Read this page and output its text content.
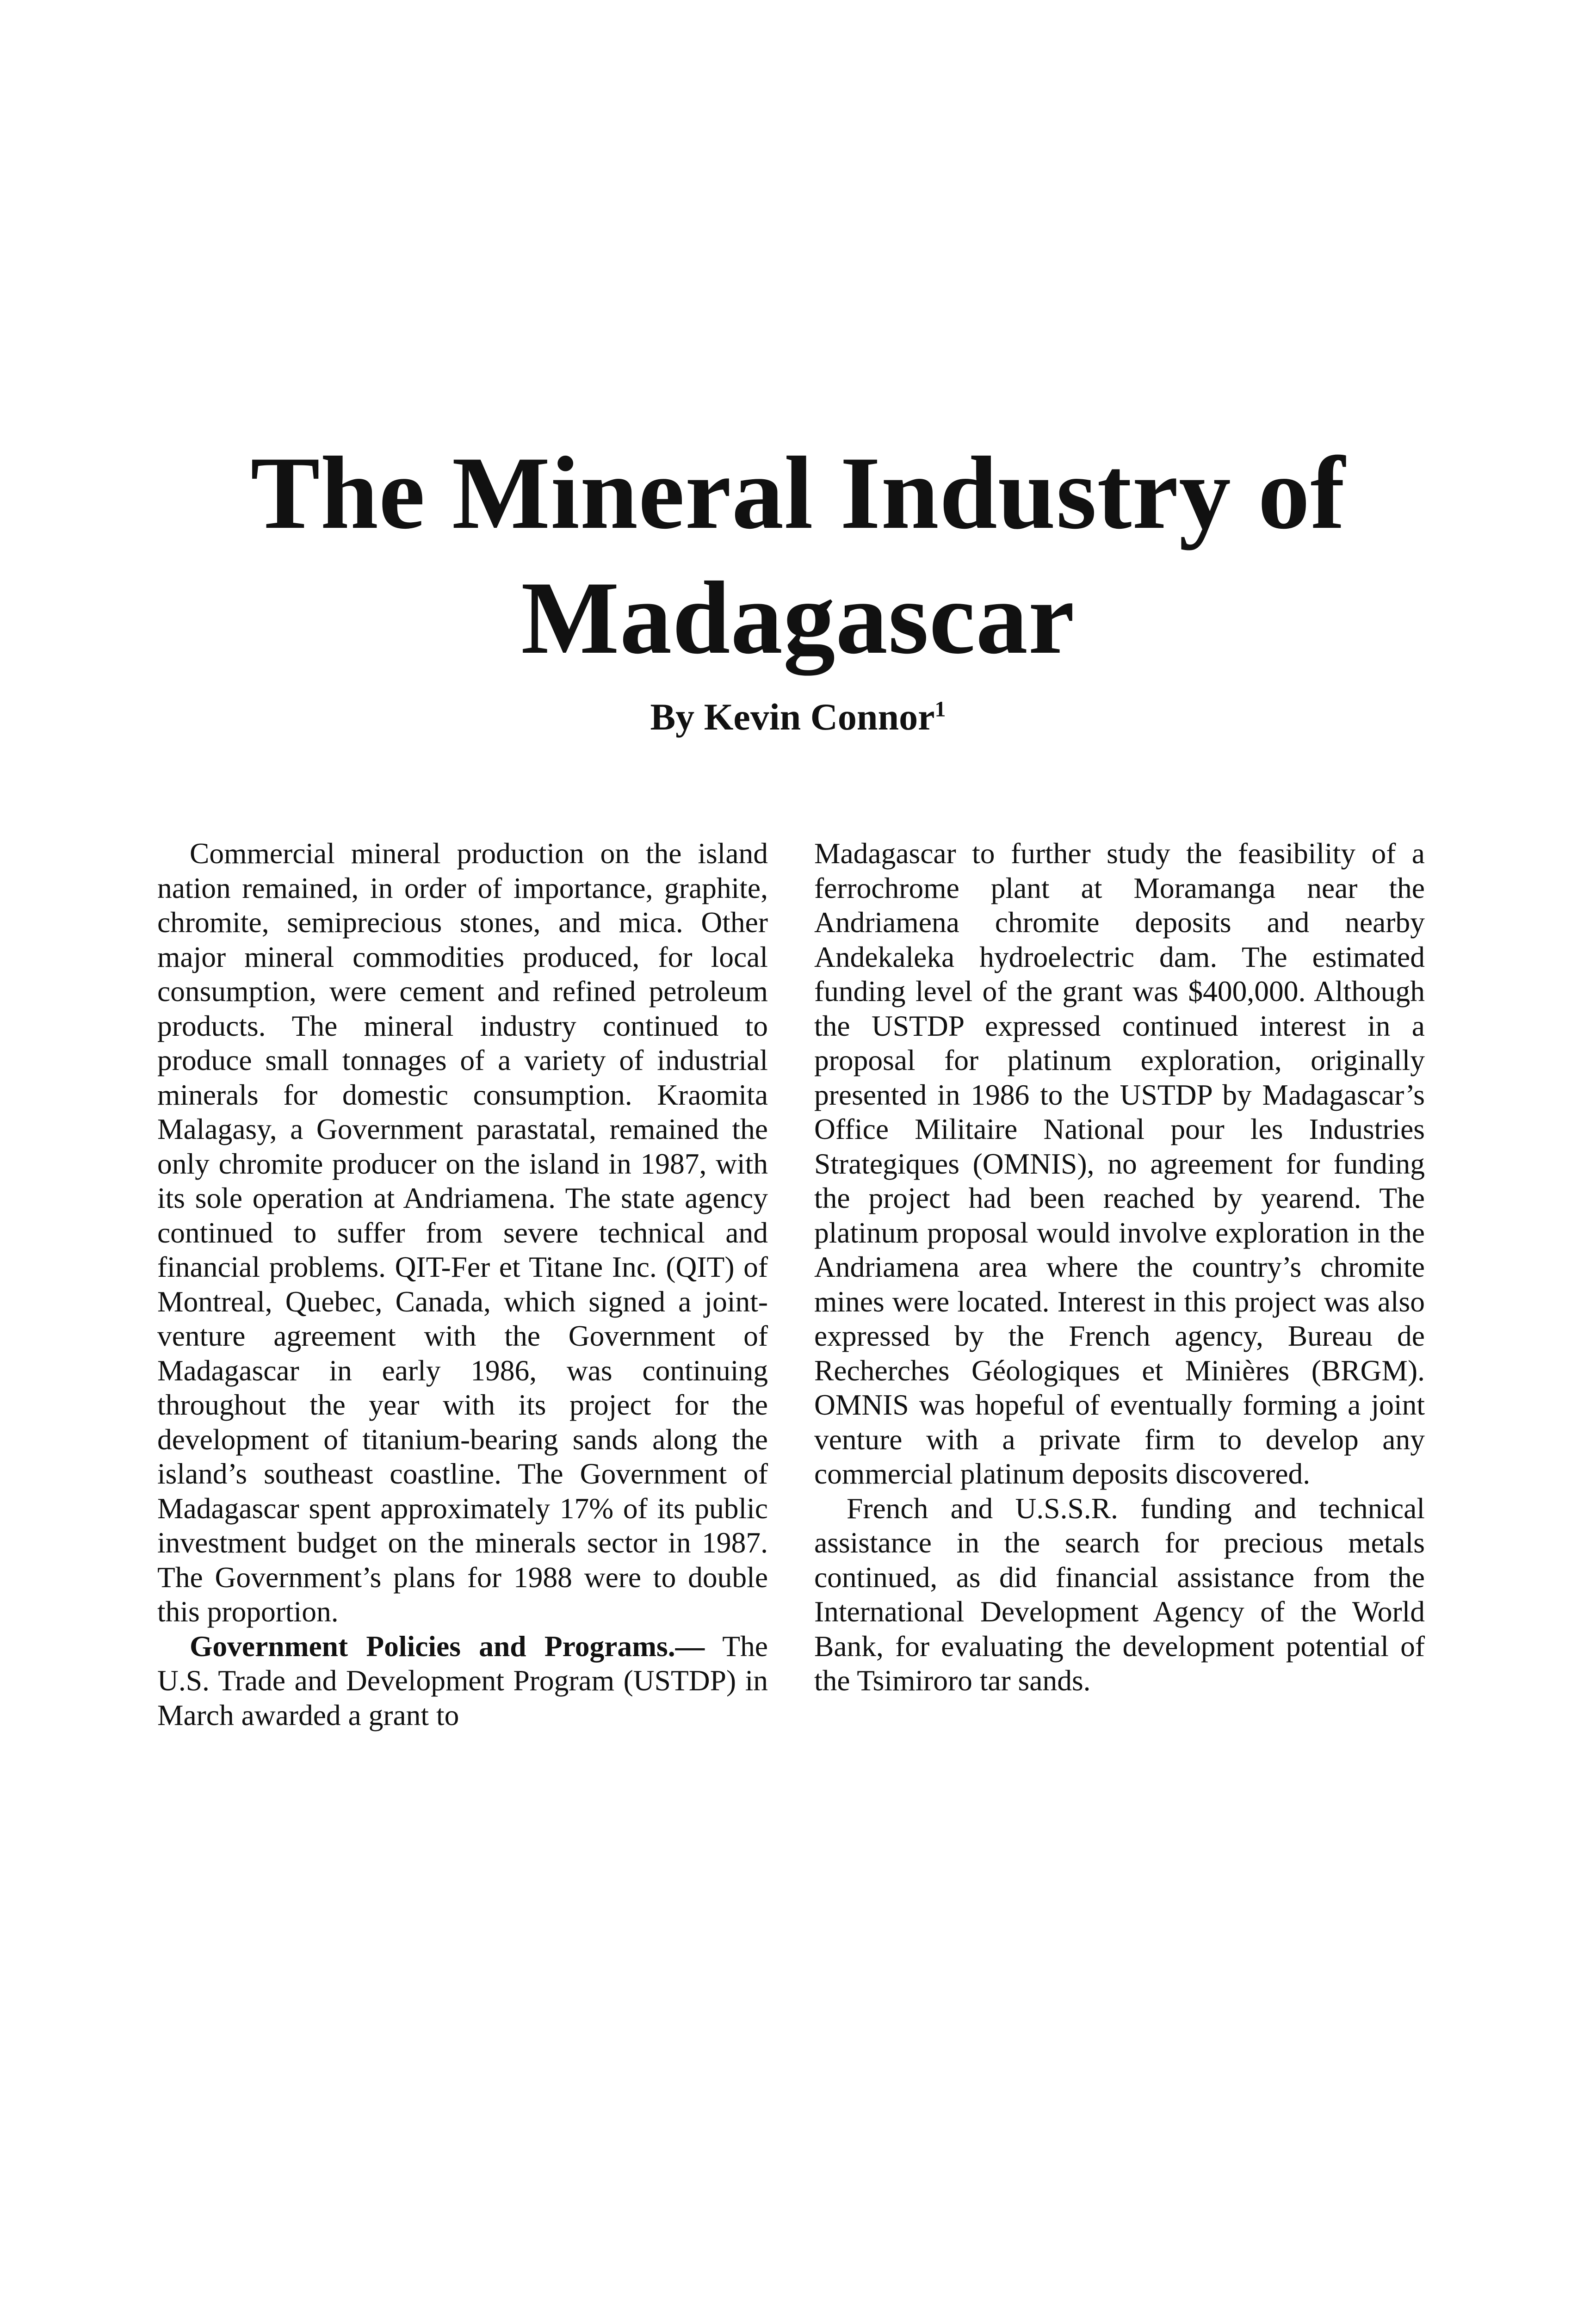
The Mineral Industry of
Madagascar
By Kevin Connor$^1$

Commercial mineral production on the island nation remained, in order of importance, graphite, chromite, semiprecious stones, and mica. Other major mineral commodities produced, for local consumption, were cement and refined petroleum products. The mineral industry continued to produce small tonnages of a variety of industrial minerals for domestic consumption. Kraomita Malagasy, a Government parastatal, remained the only chromite producer on the island in 1987, with its sole operation at Andriamena. The state agency continued to suffer from severe technical and financial problems. QIT-Fer et Titane Inc. (QIT) of Montreal, Quebec, Canada, which signed a joint-venture agreement with the Government of Madagascar in early 1986, was continuing throughout the year with its project for the development of titanium-bearing sands along the island’s southeast coastline. The Government of Madagascar spent approximately 17% of its public investment budget on the minerals sector in 1987. The Government’s plans for 1988 were to double this proportion.

Government Policies and Programs.— The U.S. Trade and Development Program (USTDP) in March awarded a grant to

Madagascar to further study the feasibility of a ferrochrome plant at Moramanga near the Andriamena chromite deposits and nearby Andekaleka hydroelectric dam. The estimated funding level of the grant was $400,000. Although the USTDP expressed continued interest in a proposal for platinum exploration, originally presented in 1986 to the USTDP by Madagascar’s Office Militaire National pour les Industries Strategiques (OMNIS), no agreement for funding the project had been reached by yearend. The platinum proposal would involve exploration in the Andriamena area where the country’s chromite mines were located. Interest in this project was also expressed by the French agency, Bureau de Recherches Géologiques et Minières (BRGM). OMNIS was hopeful of eventually forming a joint venture with a private firm to develop any commercial platinum deposits discovered.

French and U.S.S.R. funding and technical assistance in the search for precious metals continued, as did financial assistance from the International Development Agency of the World Bank, for evaluating the development potential of the Tsimiroro tar sands.
